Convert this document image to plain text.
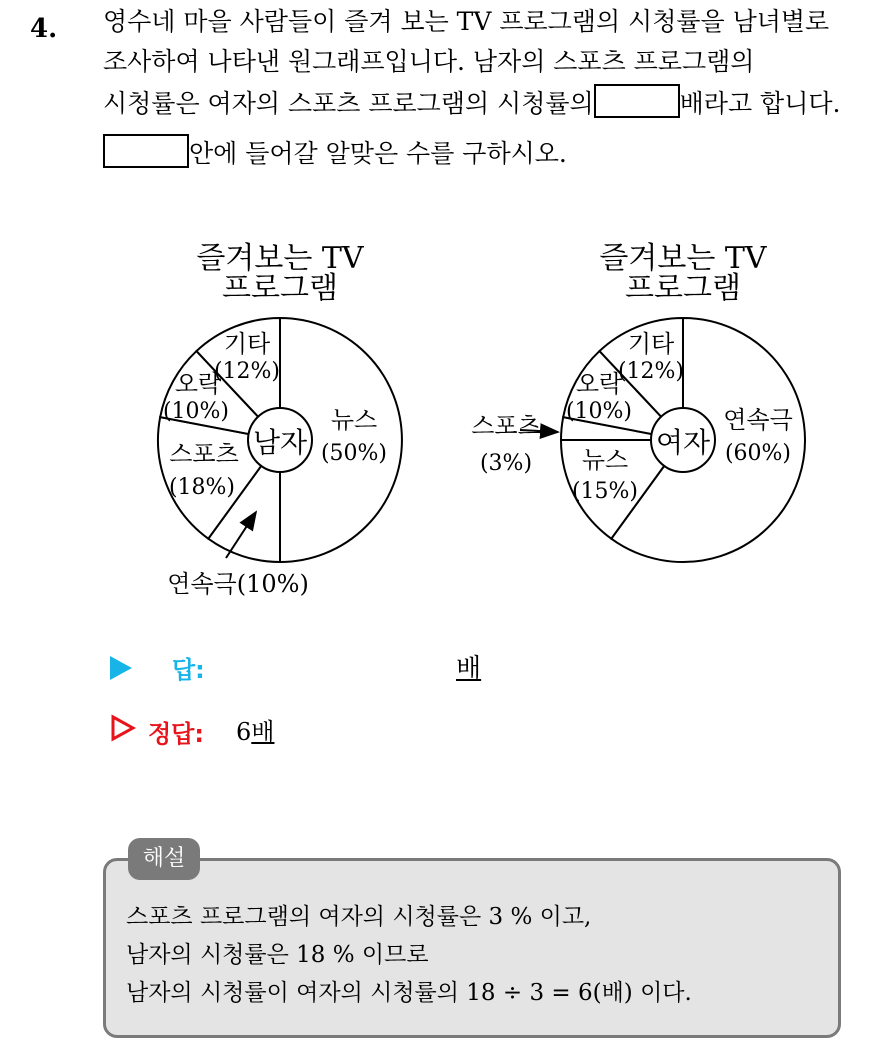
4. 영수네 마을 사람들이 즐겨 보는 TV 프로그램의 시청률을 남녀별로
조사하여 나타낸 원그래프입니다. 남자의 스포츠 프로그램의
시청률은 여자의 스포츠 프로그램의 시청률의	배라고 합니다.
안에 들어갈 알맞은 수를 구하시오.
즐겨보는 TV
프로그램
남자
뉴스
(50%)
기타
(12%)
오락
(10%)
스포츠
(18%)
연속극(10%)
즐겨보는 TV
프로그램
여자
연속극
(60%)
기타
(12%)
오락
(10%)
뉴스
(15%)
스포츠
(3%)
답:	배
정답: 6배
해설
스포츠 프로그램의 여자의 시청률은 3 % 이고,
남자의 시청률은 18 % 이므로
남자의 시청률이 여자의 시청률의 18 ÷ 3 = 6(배) 이다.
